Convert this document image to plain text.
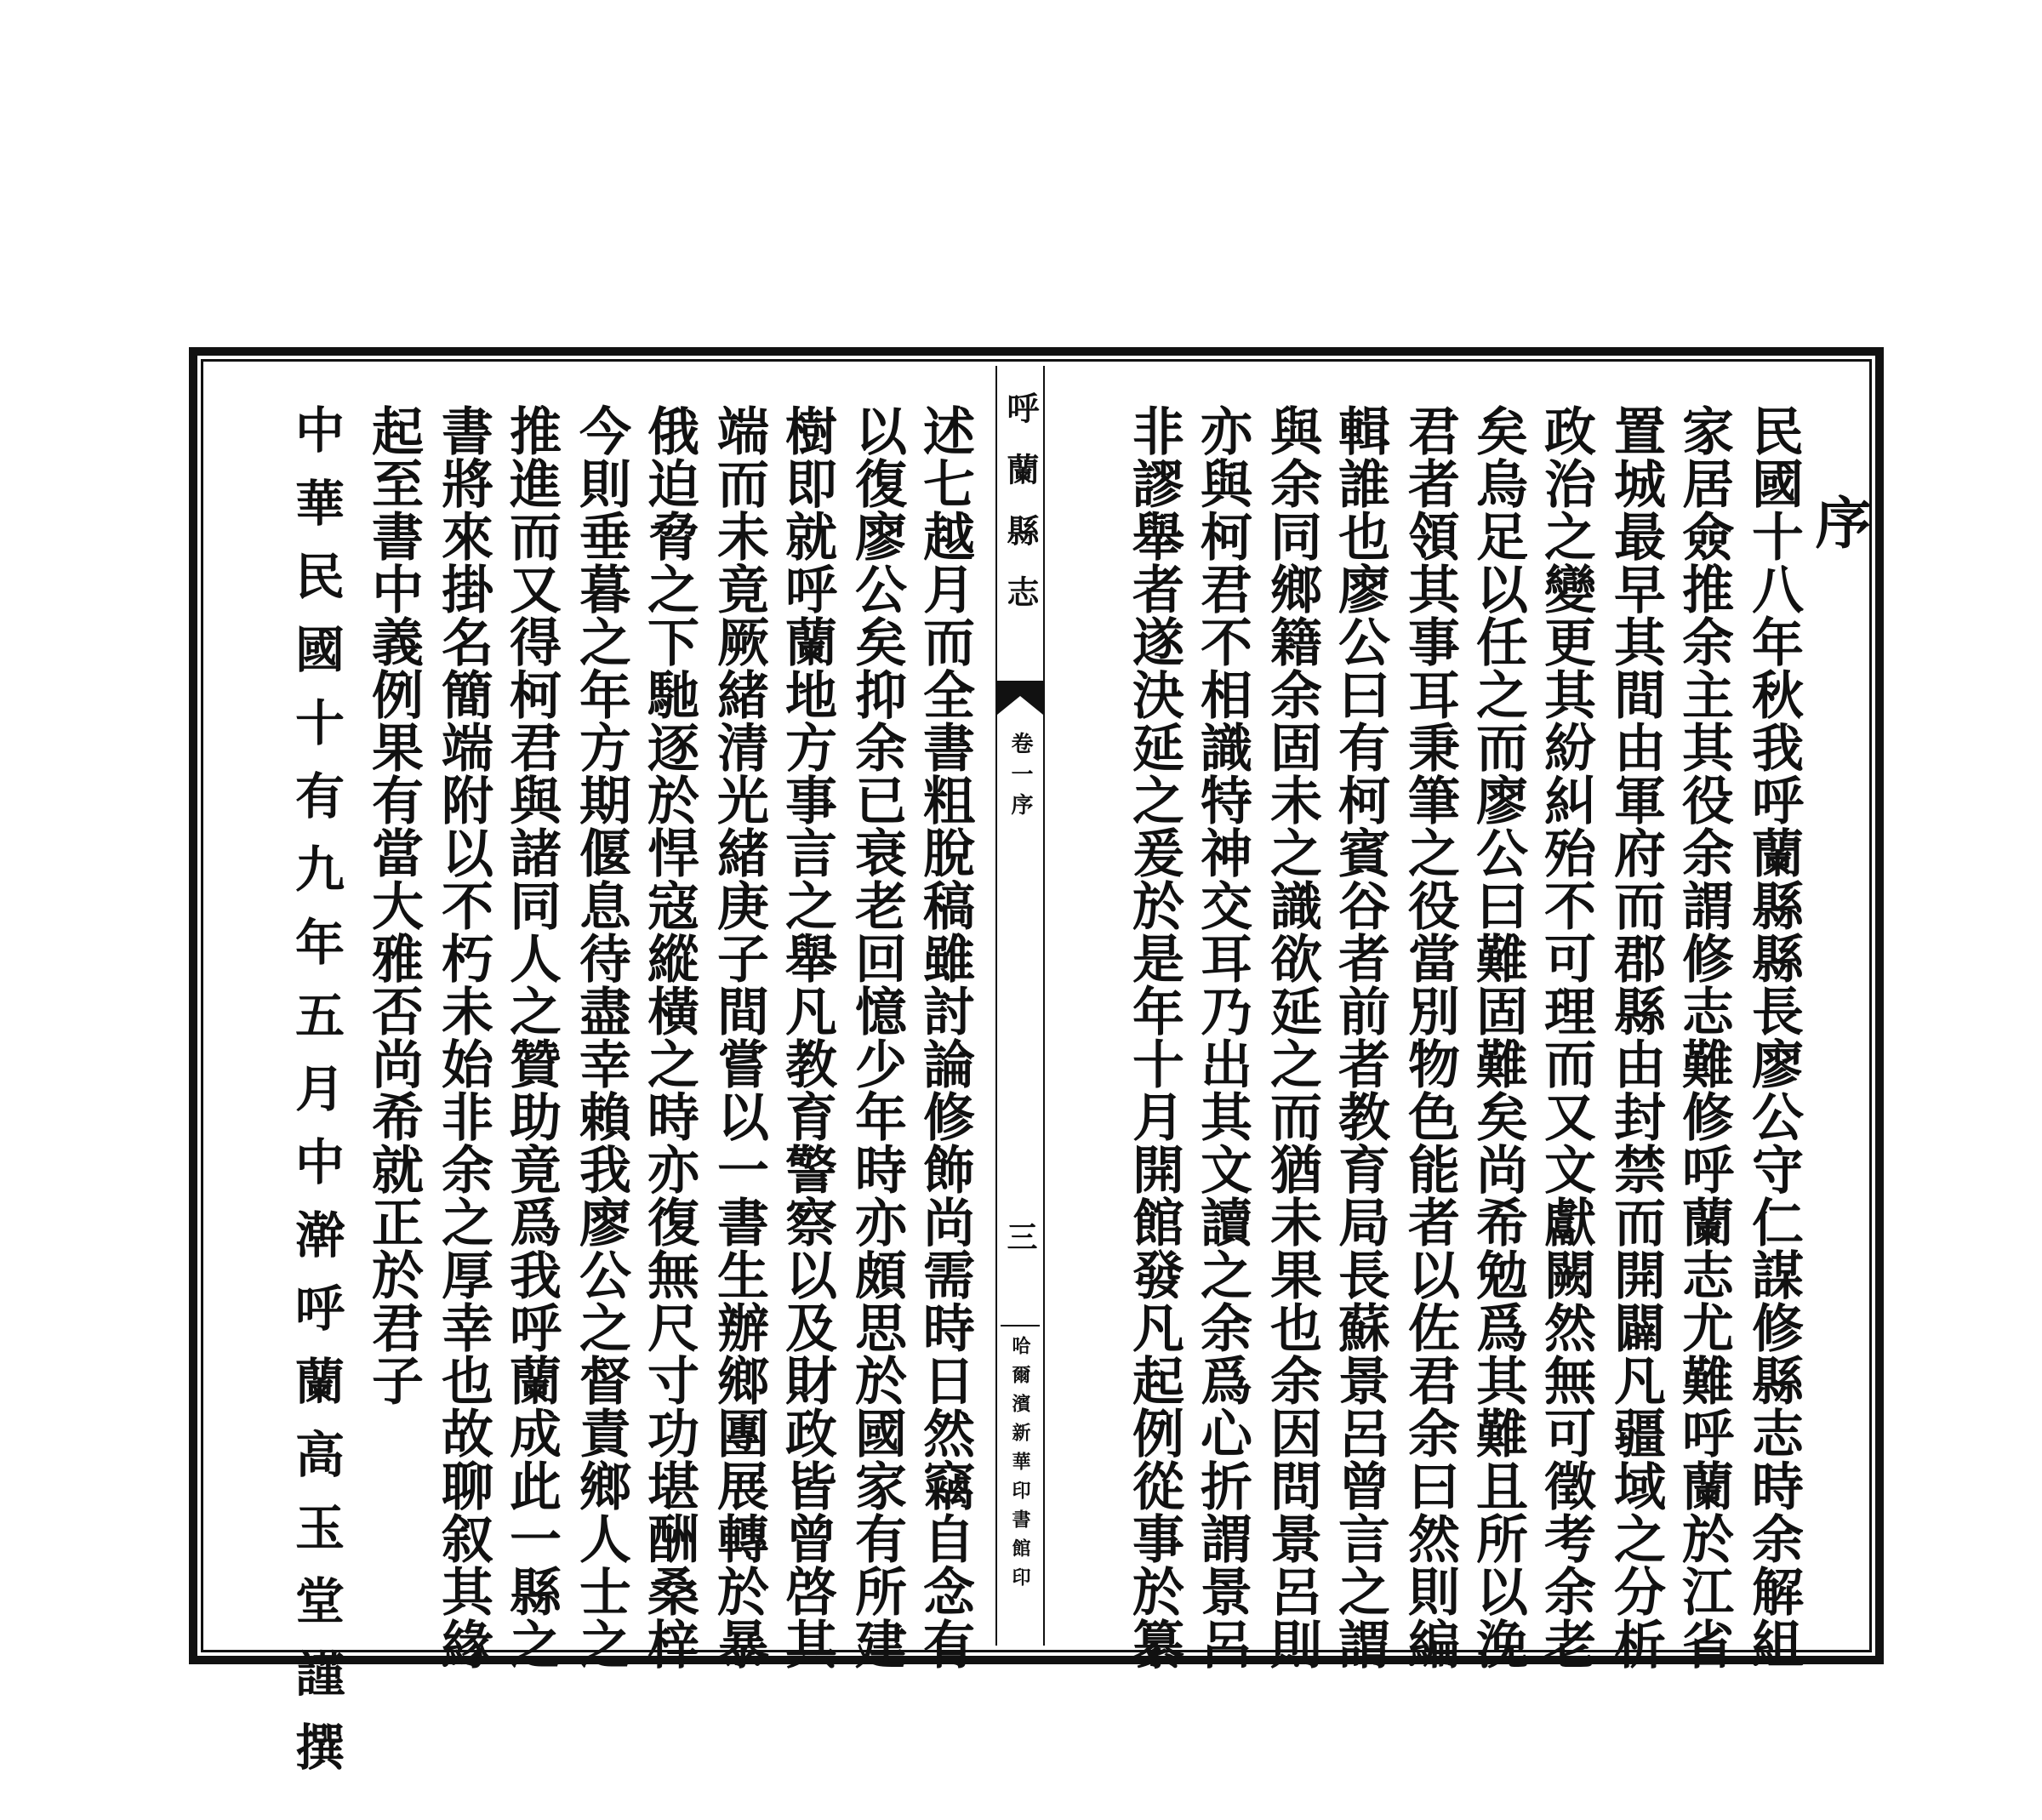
序
民國十八年秋我呼蘭縣縣長廖公守仁謀修縣志時余解組
家居僉推余主其役余謂修志難修呼蘭志尤難呼蘭於江省
置城最早其間由軍府而郡縣由封禁而開闢凡疆域之分析
政治之變更其紛糾殆不可理而又文獻闕然無可徵考余老
矣烏足以任之而廖公曰難固難矣尚希勉爲其難且所以浼
君者領其事耳秉筆之役當別物色能者以佐君余曰然則編
輯誰也廖公曰有柯賓谷者前者教育局長蘇景呂曾言之謂
與余同鄉籍余固未之識欲延之而猶未果也余因問景呂則
亦與柯君不相識特神交耳乃出其文讀之余爲心折謂景呂
非謬舉者遂決延之爰於是年十月開館發凡起例從事於纂
呼蘭縣志
卷一序
三
哈爾濱新華印書館印
述七越月而全書粗脫稿雖討論修飾尚需時日然竊自念有
以復廖公矣抑余已衰老回憶少年時亦頗思於國家有所建
樹即就呼蘭地方事言之舉凡教育警察以及財政皆曾啓其
端而未竟厥緒清光緒庚子間嘗以一書生辦鄉團展轉於暴
俄迫脅之下馳逐於悍寇縱橫之時亦復無尺寸功堪酬桑梓
今則垂暮之年方期偃息待盡幸賴我廖公之督責鄉人士之
推進而又得柯君與諸同人之贊助竟爲我呼蘭成此一縣之
書將來掛名簡端附以不朽未始非余之厚幸也故聊叙其緣
起至書中義例果有當大雅否尚希就正於君子
中華民國十有九年五月中澣呼蘭高玉堂謹撰
